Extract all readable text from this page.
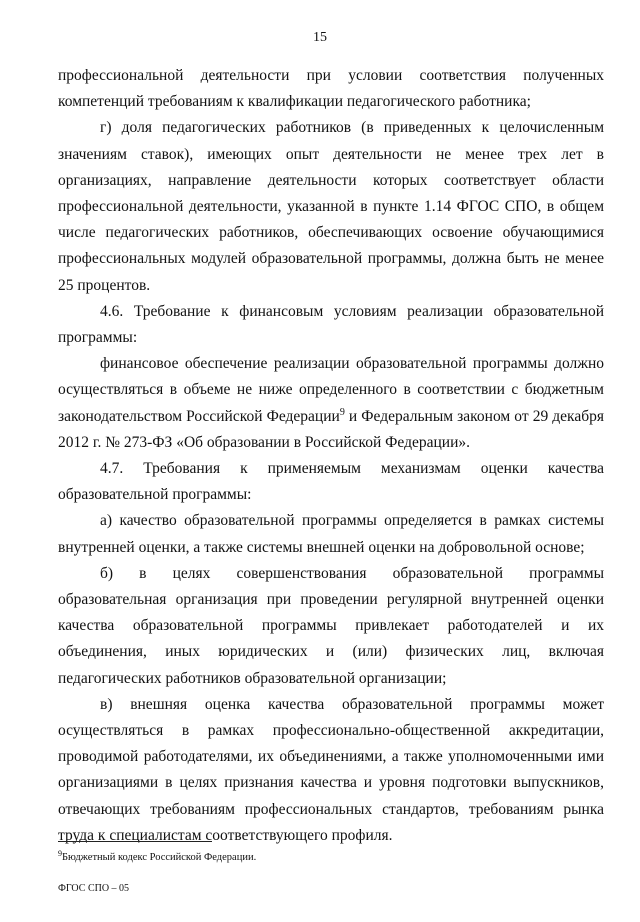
15

профессиональной деятельности при условии соответствия полученных компетенций требованиям к квалификации педагогического работника;

г) доля педагогических работников (в приведенных к целочисленным значениям ставок), имеющих опыт деятельности не менее трех лет в организациях, направление деятельности которых соответствует области профессиональной деятельности, указанной в пункте 1.14 ФГОС СПО, в общем числе педагогических работников, обеспечивающих освоение обучающимися профессиональных модулей образовательной программы, должна быть не менее 25 процентов.

4.6. Требование к финансовым условиям реализации образовательной программы:

финансовое обеспечение реализации образовательной программы должно осуществляться в объеме не ниже определенного в соответствии с бюджетным законодательством Российской Федерации$^9$ и Федеральным законом от 29 декабря 2012 г. № 273-ФЗ «Об образовании в Российской Федерации».

4.7. Требования к применяемым механизмам оценки качества образовательной программы:

а) качество образовательной программы определяется в рамках системы внутренней оценки, а также системы внешней оценки на добровольной основе;

б) в целях совершенствования образовательной программы образовательная организация при проведении регулярной внутренней оценки качества образовательной программы привлекает работодателей и их объединения, иных юридических и (или) физических лиц, включая педагогических работников образовательной организации;

в) внешняя оценка качества образовательной программы может осуществляться в рамках профессионально-общественной аккредитации, проводимой работодателями, их объединениями, а также уполномоченными ими организациями в целях признания качества и уровня подготовки выпускников, отвечающих требованиям профессиональных стандартов, требованиям рынка труда к специалистам соответствующего профиля.

$^9$Бюджетный кодекс Российской Федерации.
ФГОС СПО – 05
